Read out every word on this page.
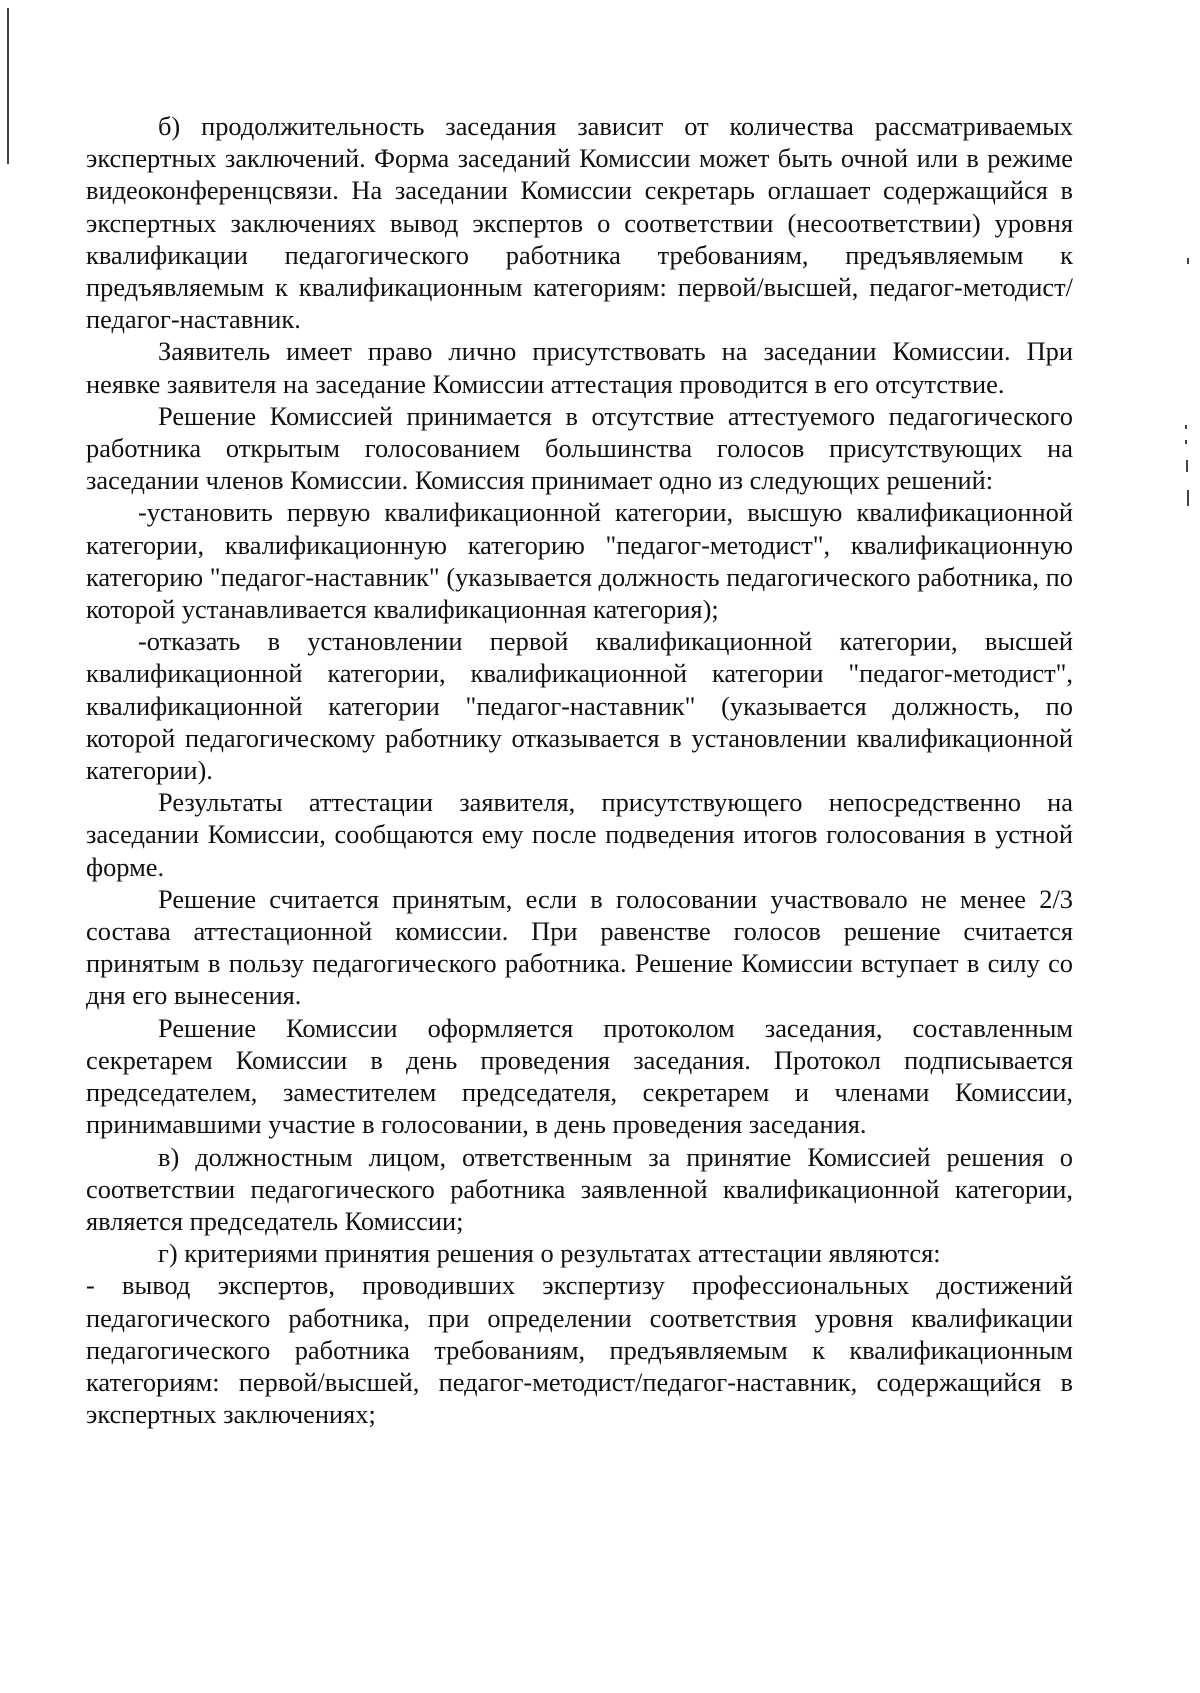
б) продолжительность заседания зависит от количества рассматриваемых экспертных заключений. Форма заседаний Комиссии может быть очной или в режиме видеоконференцсвязи. На заседании Комиссии секретарь оглашает содержащийся в экспертных заключениях вывод экспертов о соответствии (несоответствии) уровня квалификации педагогического работника требованиям, предъявляемым к предъявляемым к квалификационным категориям: первой/высшей, педагог-методист/педагог-наставник.

Заявитель имеет право лично присутствовать на заседании Комиссии. При неявке заявителя на заседание Комиссии аттестация проводится в его отсутствие.

Решение Комиссией принимается в отсутствие аттестуемого педагогического работника открытым голосованием большинства голосов присутствующих на заседании членов Комиссии. Комиссия принимает одно из следующих решений:

-установить первую квалификационной категории, высшую квалификационной категории, квалификационную категорию "педагог-методист", квалификационную категорию "педагог-наставник" (указывается должность педагогического работника, по которой устанавливается квалификационная категория);

-отказать в установлении первой квалификационной категории, высшей квалификационной категории, квалификационной категории "педагог-методист", квалификационной категории "педагог-наставник" (указывается должность, по которой педагогическому работнику отказывается в установлении квалификационной категории).

Результаты аттестации заявителя, присутствующего непосредственно на заседании Комиссии, сообщаются ему после подведения итогов голосования в устной форме.

Решение считается принятым, если в голосовании участвовало не менее 2/3 состава аттестационной комиссии. При равенстве голосов решение считается принятым в пользу педагогического работника. Решение Комиссии вступает в силу со дня его вынесения.

Решение Комиссии оформляется протоколом заседания, составленным секретарем Комиссии в день проведения заседания. Протокол подписывается председателем, заместителем председателя, секретарем и членами Комиссии, принимавшими участие в голосовании, в день проведения заседания.

в) должностным лицом, ответственным за принятие Комиссией решения о соответствии педагогического работника заявленной квалификационной категории, является председатель Комиссии;

г) критериями принятия решения о результатах аттестации являются:

- вывод экспертов, проводивших экспертизу профессиональных достижений педагогического работника, при определении соответствия уровня квалификации педагогического работника требованиям, предъявляемым к квалификационным категориям: первой/высшей, педагог-методист/педагог-наставник, содержащийся в экспертных заключениях;
